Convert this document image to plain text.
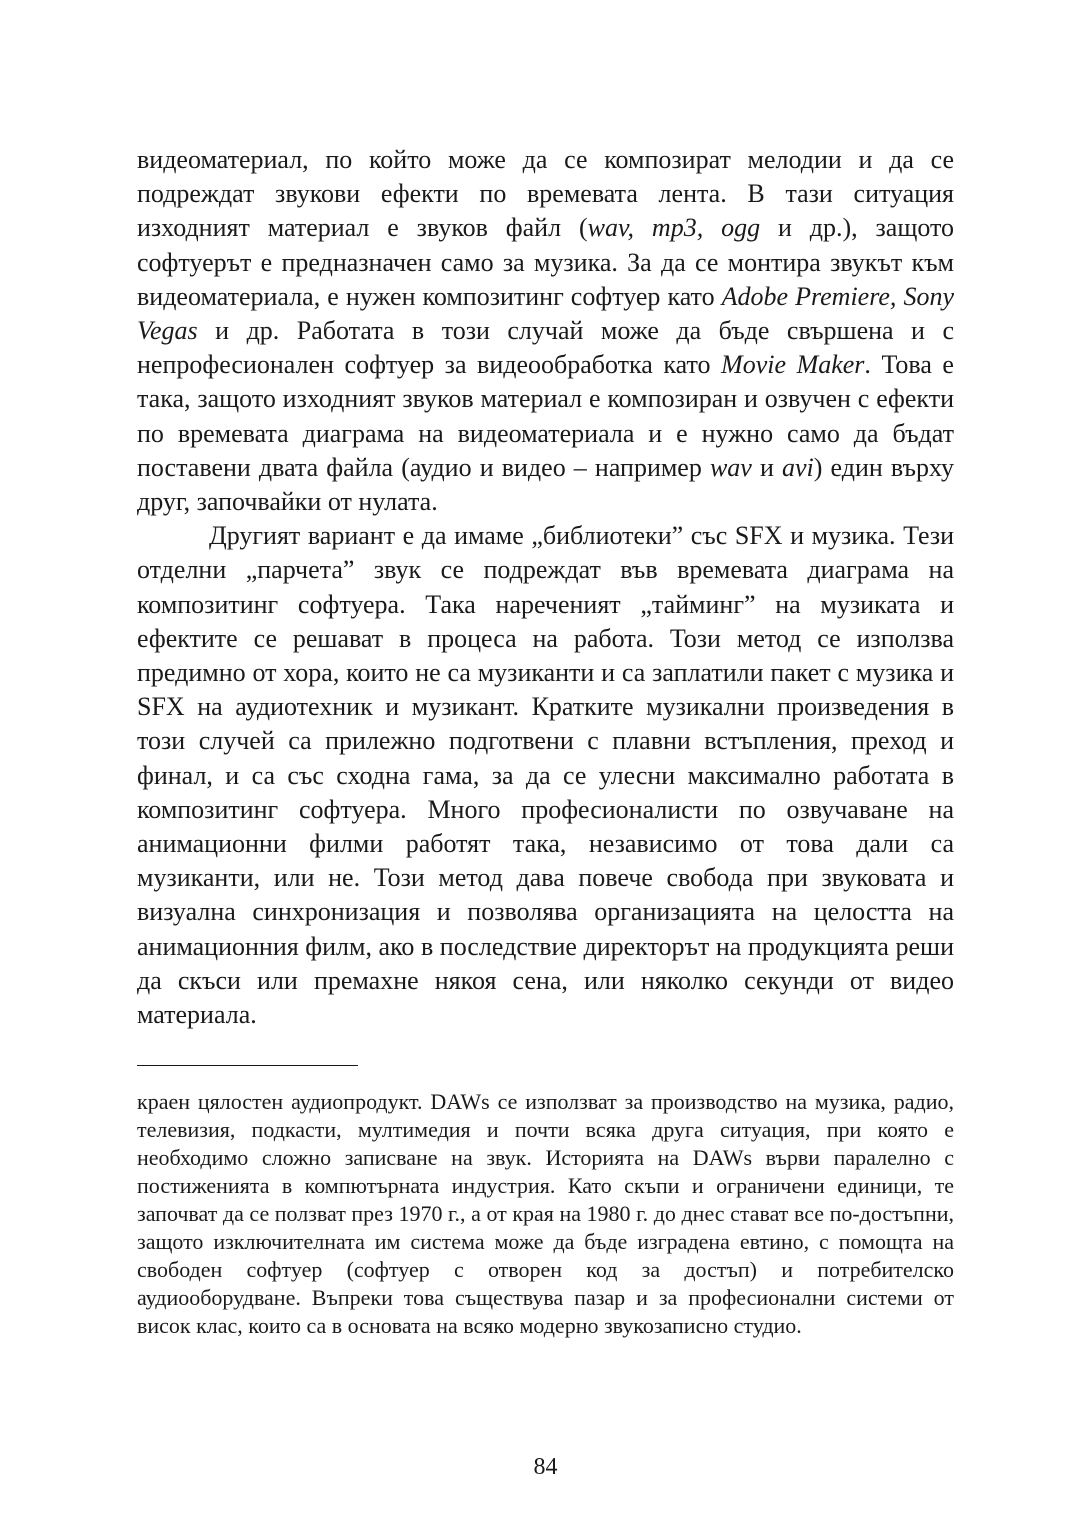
видеоматериал, по който може да се композират мелодии и да се подреждат звукови ефекти по времевата лента. В тази ситуация изходният материал е звуков файл (wav, mp3, ogg и др.), защото софтуерът е предназначен само за музика. За да се монтира звукът към видеоматериала, е нужен композитинг софтуер като Adobe Premiere, Sony Vegas и др. Работата в този случай може да бъде свършена и с непрофесионален софтуер за видеообработка като Movie Maker. Това е така, защото изходният звуков материал е композиран и озвучен с ефекти по времевата диаграма на видеоматериала и е нужно само да бъдат поставени двата файла (аудио и видео – например wav и avi) един върху друг, започвайки от нулата.

Другият вариант е да имаме „библиотеки” със SFX и музика. Тези отделни „парчета” звук се подреждат във времевата диаграма на композитинг софтуера. Така нареченият „тайминг” на музиката и ефектите се решават в процеса на работа. Този метод се използва предимно от хора, които не са музиканти и са заплатили пакет с музика и SFX на аудиотехник и музикант. Кратките музикални произведения в този случей са прилежно подготвени с плавни встъпления, преход и финал, и са със сходна гама, за да се улесни максимално работата в композитинг софтуера. Много професионалисти по озвучаване на анимационни филми работят така, независимо от това дали са музиканти, или не. Този метод дава повече свобода при звуковата и визуална синхронизация и позволява организацията на целостта на анимационния филм, ако в последствие директорът на продукцията реши да скъси или премахне някоя сена, или няколко секунди от видео материала.

краен цялостен аудиопродукт. DAWs се използват за производство на музика, радио, телевизия, подкасти, мултимедия и почти всяка друга ситуация, при която е необходимо сложно записване на звук. Историята на DAWs върви паралелно с постиженията в компютърната индустрия. Като скъпи и ограничени единици, те започват да се ползват през 1970 г., а от края на 1980 г. до днес стават все по-достъпни, защото изключителната им система може да бъде изградена евтино, с помощта на свободен софтуер (софтуер с отворен код за достъп) и потребителско аудиооборудване. Въпреки това съществува пазар и за професионални системи от висок клас, които са в основата на всяко модерно звукозаписно студио.

84
